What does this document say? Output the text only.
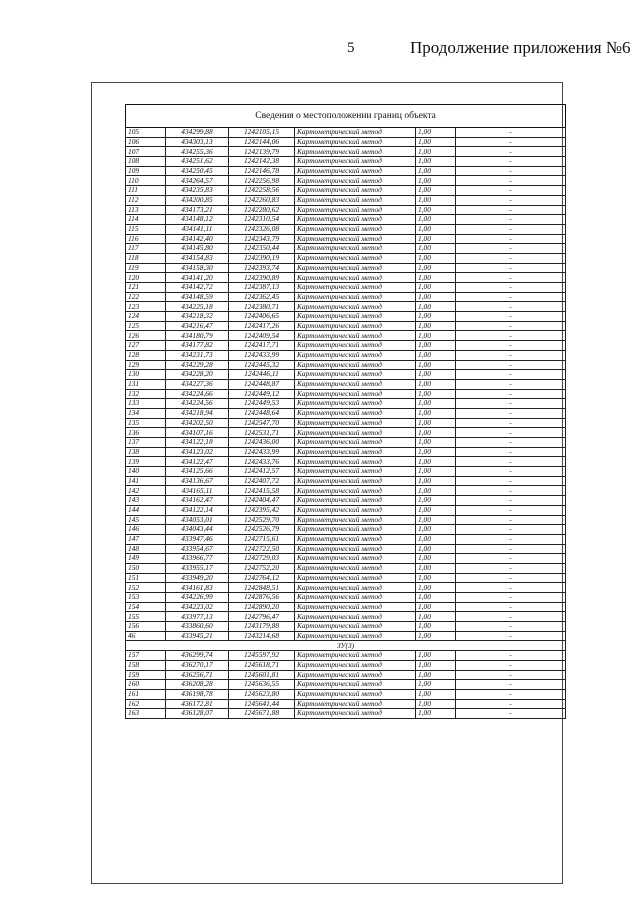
5	Продолжение приложения №6
Сведения о местоположении границ объекта					
105	434299,88	1242105,15	Картометрический метод	1,00	-
106	434303,13	1242144,06	Картометрический метод	1,00	-
107	434255,36	1242139,79	Картометрический метод	1,00	-
108	434251,62	1242142,38	Картометрический метод	1,00	-
109	434250,45	1242146,78	Картометрический метод	1,00	-
110	434264,57	1242256,98	Картометрический метод	1,00	-
111	434235,83	1242258,56	Картометрический метод	1,00	-
112	434200,85	1242260,83	Картометрический метод	1,00	-
113	434173,21	1242280,62	Картометрический метод	1,00	-
114	434148,12	1242310,54	Картометрический метод	1,00	-
115	434141,11	1242326,08	Картометрический метод	1,00	-
116	434142,40	1242343,79	Картометрический метод	1,00	-
117	434145,80	1242350,44	Картометрический метод	1,00	-
118	434154,83	1242390,19	Картометрический метод	1,00	-
119	434158,30	1242393,74	Картометрический метод	1,00	-
120	434141,20	1242390,89	Картометрический метод	1,00	-
121	434142,72	1242387,13	Картометрический метод	1,00	-
122	434148,59	1242362,45	Картометрический метод	1,00	-
123	434225,18	1242380,71	Картометрический метод	1,00	-
124	434218,32	1242406,65	Картометрический метод	1,00	-
125	434216,47	1242417,26	Картометрический метод	1,00	-
126	434180,79	1242409,54	Картометрический метод	1,00	-
127	434177,82	1242417,71	Картометрический метод	1,00	-
128	434231,73	1242433,99	Картометрический метод	1,00	-
129	434229,28	1242445,32	Картометрический метод	1,00	-
130	434228,20	1242446,11	Картометрический метод	1,00	-
131	434227,36	1242448,87	Картометрический метод	1,00	-
132	434224,66	1242449,12	Картометрический метод	1,00	-
133	434224,56	1242449,53	Картометрический метод	1,00	-
134	434218,94	1242448,64	Картометрический метод	1,00	-
135	434202,50	1242547,70	Картометрический метод	1,00	-
136	434107,16	1242531,71	Картометрический метод	1,00	-
137	434122,18	1242436,00	Картометрический метод	1,00	-
138	434123,02	1242433,99	Картометрический метод	1,00	-
139	434122,47	1242433,76	Картометрический метод	1,00	-
140	434125,66	1242412,57	Картометрический метод	1,00	-
141	434136,67	1242407,72	Картометрический метод	1,00	-
142	434165,11	1242415,58	Картометрический метод	1,00	-
143	434162,47	1242404,47	Картометрический метод	1,00	-
144	434122,14	1242395,42	Картометрический метод	1,00	-
145	434053,01	1242529,70	Картометрический метод	1,00	-
146	434043,44	1242526,79	Картометрический метод	1,00	-
147	433947,46	1242715,61	Картометрический метод	1,00	-
148	433954,67	1242722,50	Картометрический метод	1,00	-
149	433966,77	1242729,03	Картометрический метод	1,00	-
150	433955,17	1242752,20	Картометрический метод	1,00	-
151	433949,20	1242764,12	Картометрический метод	1,00	-
152	434161,83	1242848,51	Картометрический метод	1,00	-
153	434226,99	1242876,56	Картометрический метод	1,00	-
154	434223,02	1242890,20	Картометрический метод	1,00	-
155	433977,13	1242796,47	Картометрический метод	1,00	-
156	433860,60	1243179,88	Картометрический метод	1,00	-
46	433945,21	1243214,68	Картометрический метод	1,00	-
ЗУ(3)					
157	436299,74	1245597,92	Картометрический метод	1,00	-
158	436270,17	1245618,71	Картометрический метод	1,00	-
159	436256,71	1245601,81	Картометрический метод	1,00	-
160	436208,28	1245636,55	Картометрический метод	1,00	-
161	436198,78	1245623,80	Картометрический метод	1,00	-
162	436172,81	1245641,44	Картометрический метод	1,00	-
163	436128,07	1245671,88	Картометрический метод	1,00	-
